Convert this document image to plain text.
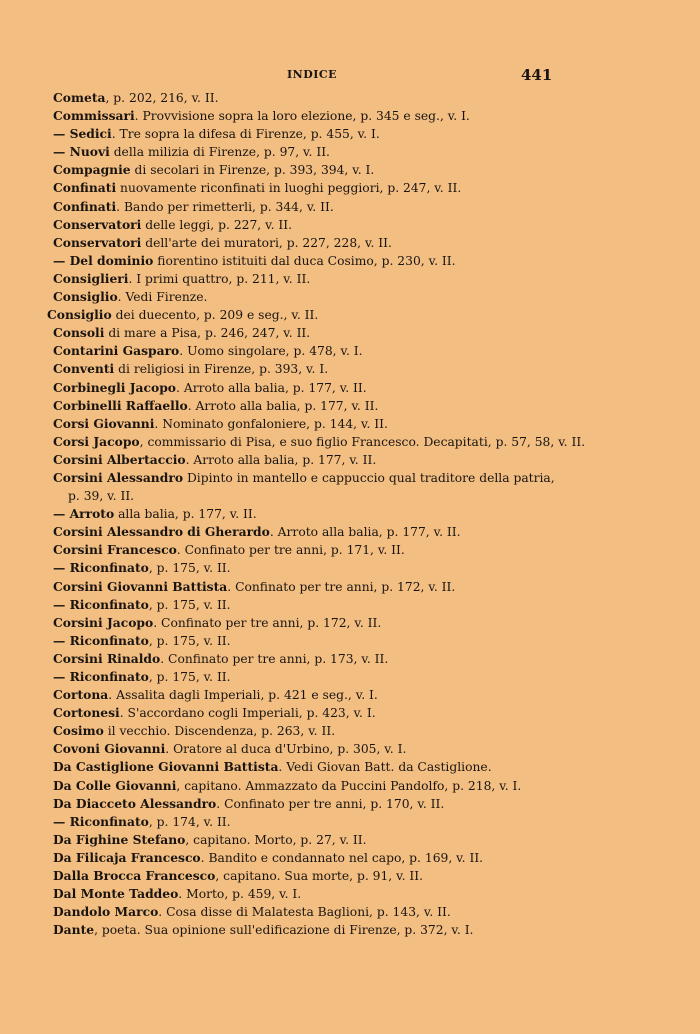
INDICE	441
Cometa, p. 202, 216, v. II.
Commissari. Provvisione sopra la loro elezione, p. 345 e seg., v. I.
— Sedici. Tre sopra la difesa di Firenze, p. 455, v. I.
— Nuovi della milizia di Firenze, p. 97, v. II.
Compagnie di secolari in Firenze, p. 393, 394, v. I.
Confinati nuovamente riconfinati in luoghi peggiori, p. 247, v. II.
Confinati. Bando per rimetterli, p. 344, v. II.
Conservatori delle leggi, p. 227, v. II.
Conservatori dell'arte dei muratori, p. 227, 228, v. II.
— Del dominio fiorentino istituiti dal duca Cosimo, p. 230, v. II.
Consiglieri. I primi quattro, p. 211, v. II.
Consiglio. Vedi Firenze.
Consiglio dei duecento, p. 209 e seg., v. II.
Consoli di mare a Pisa, p. 246, 247, v. II.
Contarini Gasparo. Uomo singolare, p. 478, v. I.
Conventi di religiosi in Firenze, p. 393, v. I.
Corbinegli Jacopo. Arroto alla balia, p. 177, v. II.
Corbinelli Raffaello. Arroto alla balia, p. 177, v. II.
Corsi Giovanni. Nominato gonfaloniere, p. 144, v. II.
Corsi Jacopo, commissario di Pisa, e suo figlio Francesco. Decapitati, p. 57, 58, v. II.
Corsini Albertaccio. Arroto alla balia, p. 177, v. II.
Corsini Alessandro Dipinto in mantello e cappuccio qual traditore della patria,
p. 39, v. II.
— Arroto alla balia, p. 177, v. II.
Corsini Alessandro di Gherardo. Arroto alla balia, p. 177, v. II.
Corsini Francesco. Confinato per tre anni, p. 171, v. II.
— Riconfinato, p. 175, v. II.
Corsini Giovanni Battista. Confinato per tre anni, p. 172, v. II.
— Riconfinato, p. 175, v. II.
Corsini Jacopo. Confinato per tre anni, p. 172, v. II.
— Riconfinato, p. 175, v. II.
Corsini Rinaldo. Confinato per tre anni, p. 173, v. II.
— Riconfinato, p. 175, v. II.
Cortona. Assalita dagli Imperiali, p. 421 e seg., v. I.
Cortonesi. S'accordano cogli Imperiali, p. 423, v. I.
Cosimo il vecchio. Discendenza, p. 263, v. II.
Covoni Giovanni. Oratore al duca d'Urbino, p. 305, v. I.
Da Castiglione Giovanni Battista. Vedi Giovan Batt. da Castiglione.
Da Colle Giovanni, capitano. Ammazzato da Puccini Pandolfo, p. 218, v. I.
Da Diacceto Alessandro. Confinato per tre anni, p. 170, v. II.
— Riconfinato, p. 174, v. II.
Da Fighine Stefano, capitano. Morto, p. 27, v. II.
Da Filicaja Francesco. Bandito e condannato nel capo, p. 169, v. II.
Dalla Brocca Francesco, capitano. Sua morte, p. 91, v. II.
Dal Monte Taddeo. Morto, p. 459, v. I.
Dandolo Marco. Cosa disse di Malatesta Baglioni, p. 143, v. II.
Dante, poeta. Sua opinione sull'edificazione di Firenze, p. 372, v. I.
